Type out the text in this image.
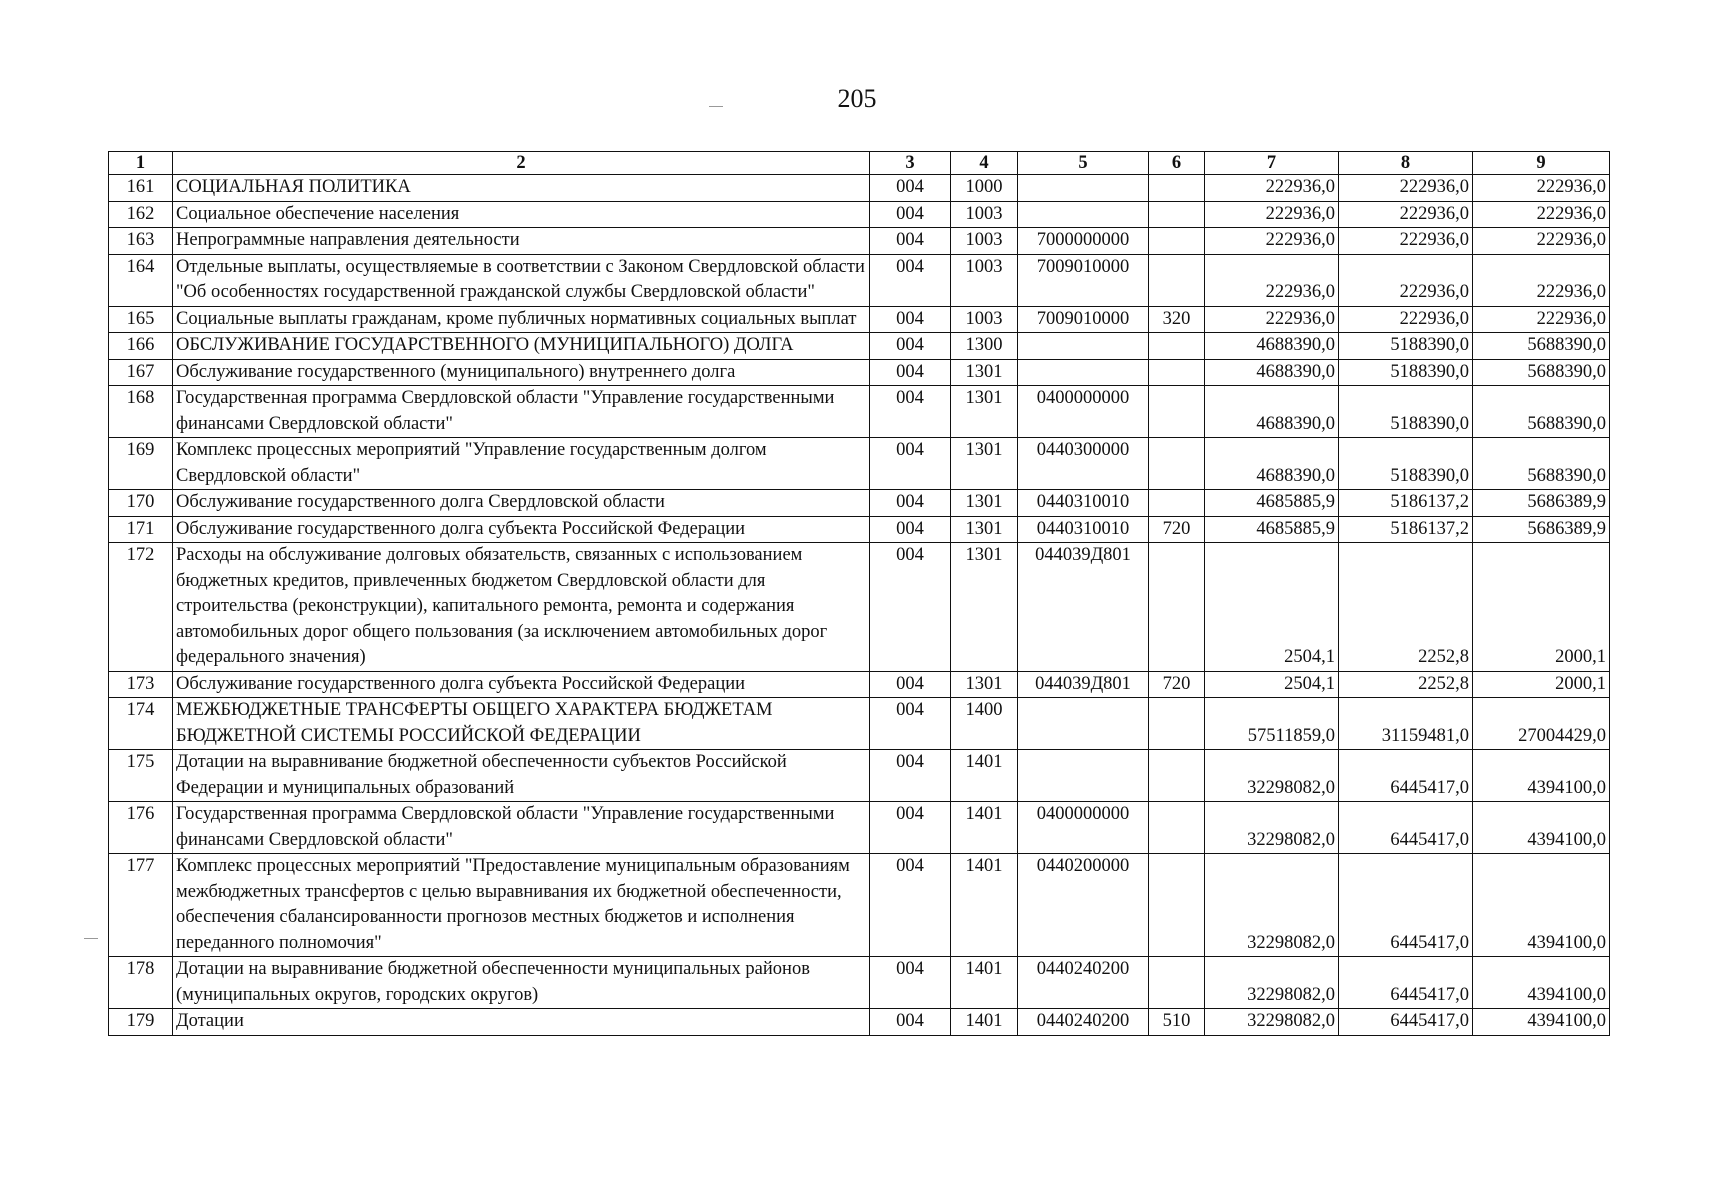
205
1	2	3	4	5	6	7	8	9
161	СОЦИАЛЬНАЯ ПОЛИТИКА	004	1000			222936,0	222936,0	222936,0
162	Социальное обеспечение населения	004	1003			222936,0	222936,0	222936,0
163	Непрограммные направления деятельности	004	1003	7000000000		222936,0	222936,0	222936,0
164	Отдельные выплаты, осуществляемые в соответствии с Законом Свердловской области "Об особенностях государственной гражданской службы Свердловской области"	004	1003	7009010000		222936,0	222936,0	222936,0
165	Социальные выплаты гражданам, кроме публичных нормативных социальных выплат	004	1003	7009010000	320	222936,0	222936,0	222936,0
166	ОБСЛУЖИВАНИЕ ГОСУДАРСТВЕННОГО (МУНИЦИПАЛЬНОГО) ДОЛГА	004	1300			4688390,0	5188390,0	5688390,0
167	Обслуживание государственного (муниципального) внутреннего долга	004	1301			4688390,0	5188390,0	5688390,0
168	Государственная программа Свердловской области "Управление государственными финансами Свердловской области"	004	1301	0400000000		4688390,0	5188390,0	5688390,0
169	Комплекс процессных мероприятий "Управление государственным долгом Свердловской области"	004	1301	0440300000		4688390,0	5188390,0	5688390,0
170	Обслуживание государственного долга Свердловской области	004	1301	0440310010		4685885,9	5186137,2	5686389,9
171	Обслуживание государственного долга субъекта Российской Федерации	004	1301	0440310010	720	4685885,9	5186137,2	5686389,9
172	Расходы на обслуживание долговых обязательств, связанных с использованием бюджетных кредитов, привлеченных бюджетом Свердловской области для строительства (реконструкции), капитального ремонта, ремонта и содержания автомобильных дорог общего пользования (за исключением автомобильных дорог федерального значения)	004	1301	044039Д801		2504,1	2252,8	2000,1
173	Обслуживание государственного долга субъекта Российской Федерации	004	1301	044039Д801	720	2504,1	2252,8	2000,1
174	МЕЖБЮДЖЕТНЫЕ ТРАНСФЕРТЫ ОБЩЕГО ХАРАКТЕРА БЮДЖЕТАМ БЮДЖЕТНОЙ СИСТЕМЫ РОССИЙСКОЙ ФЕДЕРАЦИИ	004	1400			57511859,0	31159481,0	27004429,0
175	Дотации на выравнивание бюджетной обеспеченности субъектов Российской Федерации и муниципальных образований	004	1401			32298082,0	6445417,0	4394100,0
176	Государственная программа Свердловской области "Управление государственными финансами Свердловской области"	004	1401	0400000000		32298082,0	6445417,0	4394100,0
177	Комплекс процессных мероприятий "Предоставление муниципальным образованиям межбюджетных трансфертов с целью выравнивания их бюджетной обеспеченности, обеспечения сбалансированности прогнозов местных бюджетов и исполнения переданного полномочия"	004	1401	0440200000		32298082,0	6445417,0	4394100,0
178	Дотации на выравнивание бюджетной обеспеченности муниципальных районов (муниципальных округов, городских округов)	004	1401	0440240200		32298082,0	6445417,0	4394100,0
179	Дотации	004	1401	0440240200	510	32298082,0	6445417,0	4394100,0
